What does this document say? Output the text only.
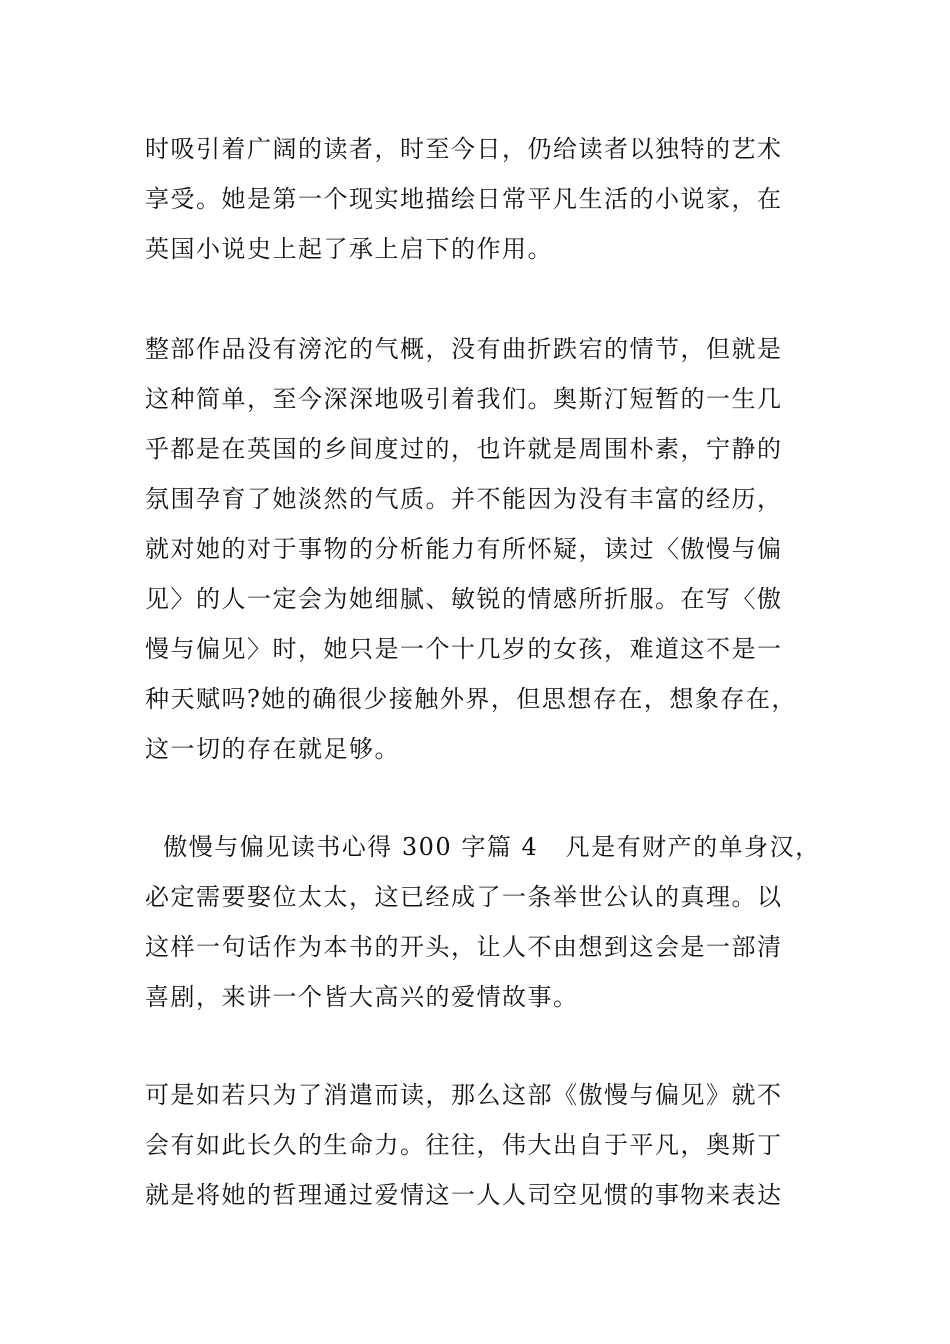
时吸引着广阔的读者，时至今日，仍给读者以独特的艺术
享受。她是第一个现实地描绘日常平凡生活的小说家，在
英国小说史上起了承上启下的作用。

整部作品没有滂沱的气概，没有曲折跌宕的情节，但就是
这种简单，至今深深地吸引着我们。奥斯汀短暂的一生几
乎都是在英国的乡间度过的，也许就是周围朴素，宁静的
氛围孕育了她淡然的气质。并不能因为没有丰富的经历，
就对她的对于事物的分析能力有所怀疑，读过〈傲慢与偏
见〉的人一定会为她细腻、敏锐的情感所折服。在写〈傲
慢与偏见〉时，她只是一个十几岁的女孩，难道这不是一
种天赋吗?她的确很少接触外界，但思想存在，想象存在，
这一切的存在就足够。

傲慢与偏见读书心得 300 字篇 4   凡是有财产的单身汉，
必定需要娶位太太，这已经成了一条举世公认的真理。以
这样一句话作为本书的开头，让人不由想到这会是一部清
喜剧，来讲一个皆大高兴的爱情故事。

可是如若只为了消遣而读，那么这部《傲慢与偏见》就不
会有如此长久的生命力。往往，伟大出自于平凡，奥斯丁
就是将她的哲理通过爱情这一人人司空见惯的事物来表达
